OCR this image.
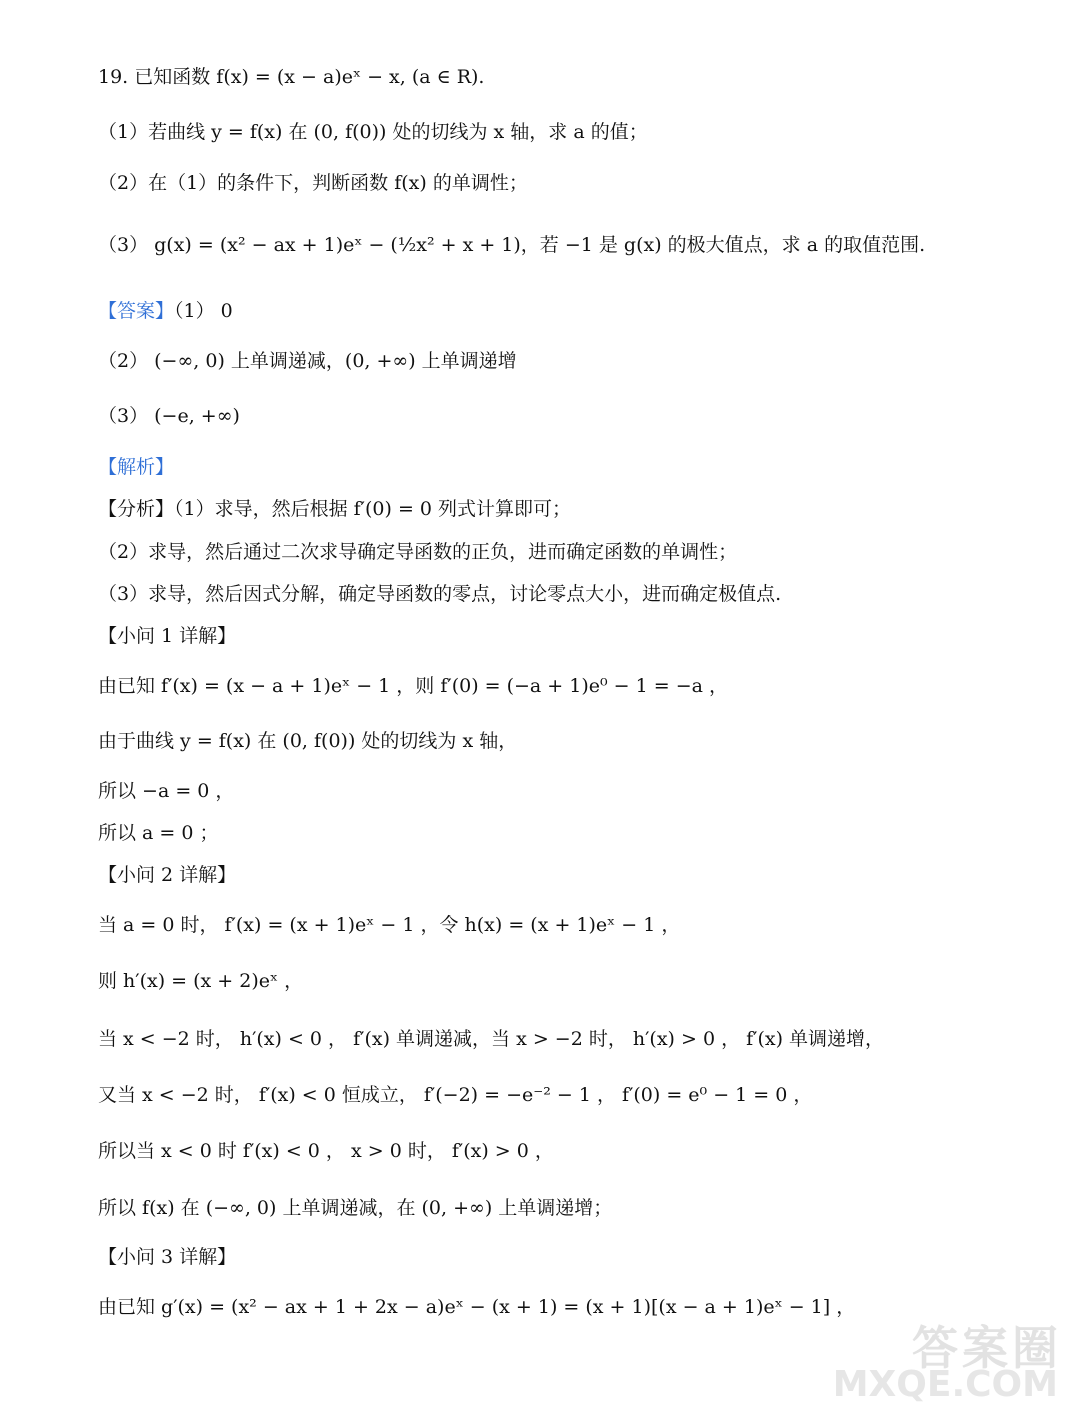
19. 已知函数 f(x) = (x − a)eˣ − x, (a ∈ R).
（1）若曲线 y = f(x) 在 (0, f(0)) 处的切线为 x 轴，求 a 的值；
（2）在（1）的条件下，判断函数 f(x) 的单调性；
（3） g(x) = (x² − ax + 1)eˣ − (½x² + x + 1)，若 −1 是 g(x) 的极大值点，求 a 的取值范围.
【答案】（1） 0
（2） (−∞, 0) 上单调递减，(0, +∞) 上单调递增
（3） (−e, +∞)
【解析】
【分析】（1）求导，然后根据 f′(0) = 0 列式计算即可；
（2）求导，然后通过二次求导确定导函数的正负，进而确定函数的单调性；
（3）求导，然后因式分解，确定导函数的零点，讨论零点大小，进而确定极值点.
【小问 1 详解】
由已知 f′(x) = (x − a + 1)eˣ − 1 ，则 f′(0) = (−a + 1)e⁰ − 1 = −a ，
由于曲线 y = f(x) 在 (0, f(0)) 处的切线为 x 轴，
所以 −a = 0 ，
所以 a = 0 ；
【小问 2 详解】
当 a = 0 时， f′(x) = (x + 1)eˣ − 1 ，令 h(x) = (x + 1)eˣ − 1 ，
则 h′(x) = (x + 2)eˣ ，
当 x < −2 时， h′(x) < 0 ， f′(x) 单调递减，当 x > −2 时， h′(x) > 0 ， f′(x) 单调递增，
又当 x < −2 时， f′(x) < 0 恒成立， f′(−2) = −e⁻² − 1 ， f′(0) = e⁰ − 1 = 0 ，
所以当 x < 0 时 f′(x) < 0 ， x > 0 时， f′(x) > 0 ，
所以 f(x) 在 (−∞, 0) 上单调递减，在 (0, +∞) 上单调递增；
【小问 3 详解】
由已知 g′(x) = (x² − ax + 1 + 2x − a)eˣ − (x + 1) = (x + 1)[(x − a + 1)eˣ − 1] ，
答案圈
MXQE.COM
